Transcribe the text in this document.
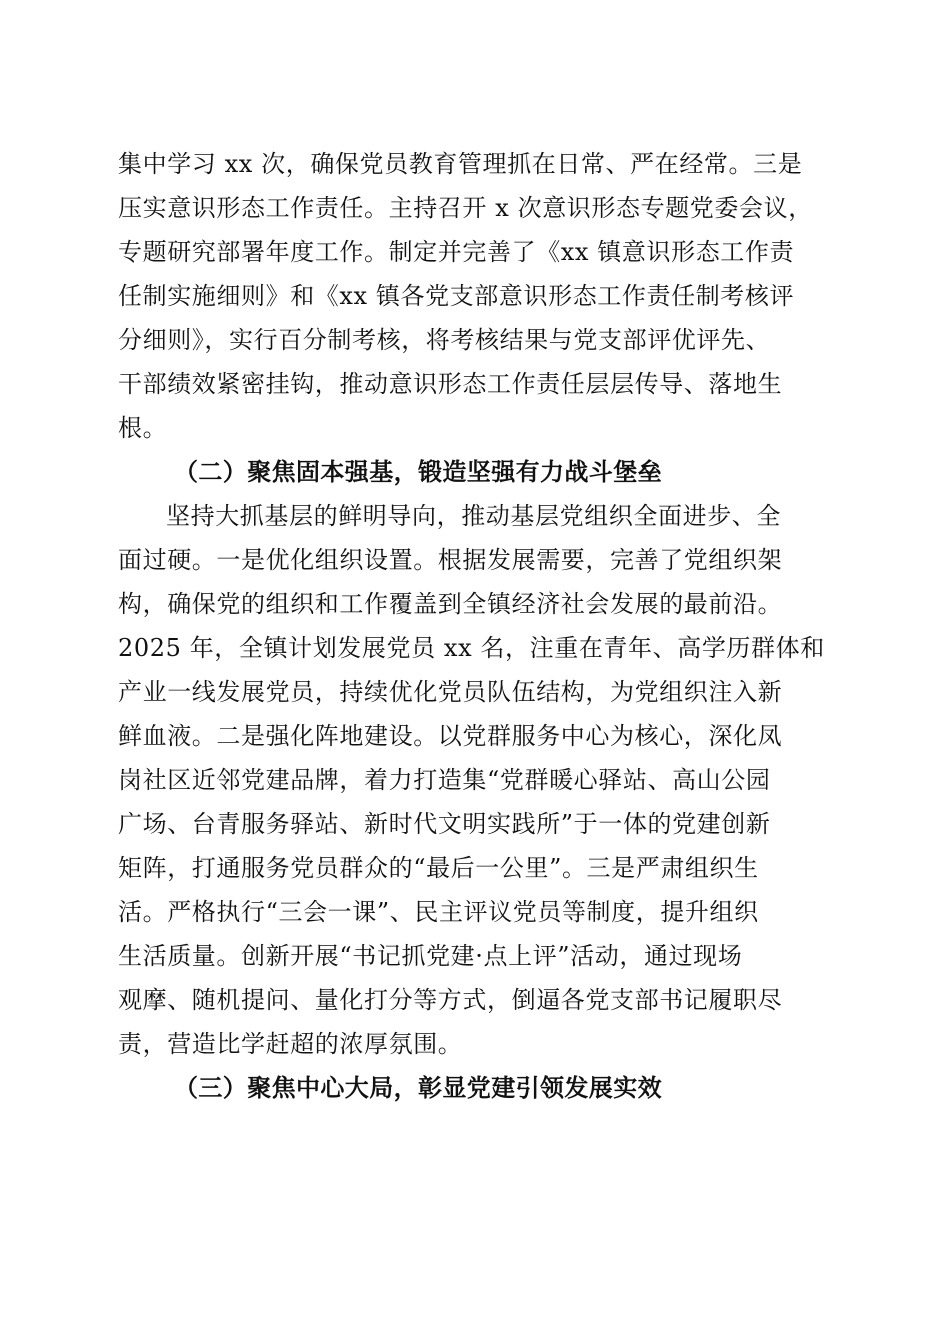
集中学习 xx 次，确保党员教育管理抓在日常、严在经常。三是
压实意识形态工作责任。主持召开 x 次意识形态专题党委会议，
专题研究部署年度工作。制定并完善了《xx 镇意识形态工作责
任制实施细则》和《xx 镇各党支部意识形态工作责任制考核评
分细则》，实行百分制考核，将考核结果与党支部评优评先、
干部绩效紧密挂钩，推动意识形态工作责任层层传导、落地生
根。
（二）聚焦固本强基，锻造坚强有力战斗堡垒
坚持大抓基层的鲜明导向，推动基层党组织全面进步、全
面过硬。一是优化组织设置。根据发展需要，完善了党组织架
构，确保党的组织和工作覆盖到全镇经济社会发展的最前沿。
2025 年，全镇计划发展党员 xx 名，注重在青年、高学历群体和
产业一线发展党员，持续优化党员队伍结构，为党组织注入新
鲜血液。二是强化阵地建设。以党群服务中心为核心，深化凤
岗社区近邻党建品牌，着力打造集“党群暖心驿站、高山公园
广场、台青服务驿站、新时代文明实践所”于一体的党建创新
矩阵，打通服务党员群众的“最后一公里”。三是严肃组织生
活。严格执行“三会一课”、民主评议党员等制度，提升组织
生活质量。创新开展“书记抓党建·点上评”活动，通过现场
观摩、随机提问、量化打分等方式，倒逼各党支部书记履职尽
责，营造比学赶超的浓厚氛围。
（三）聚焦中心大局，彰显党建引领发展实效
